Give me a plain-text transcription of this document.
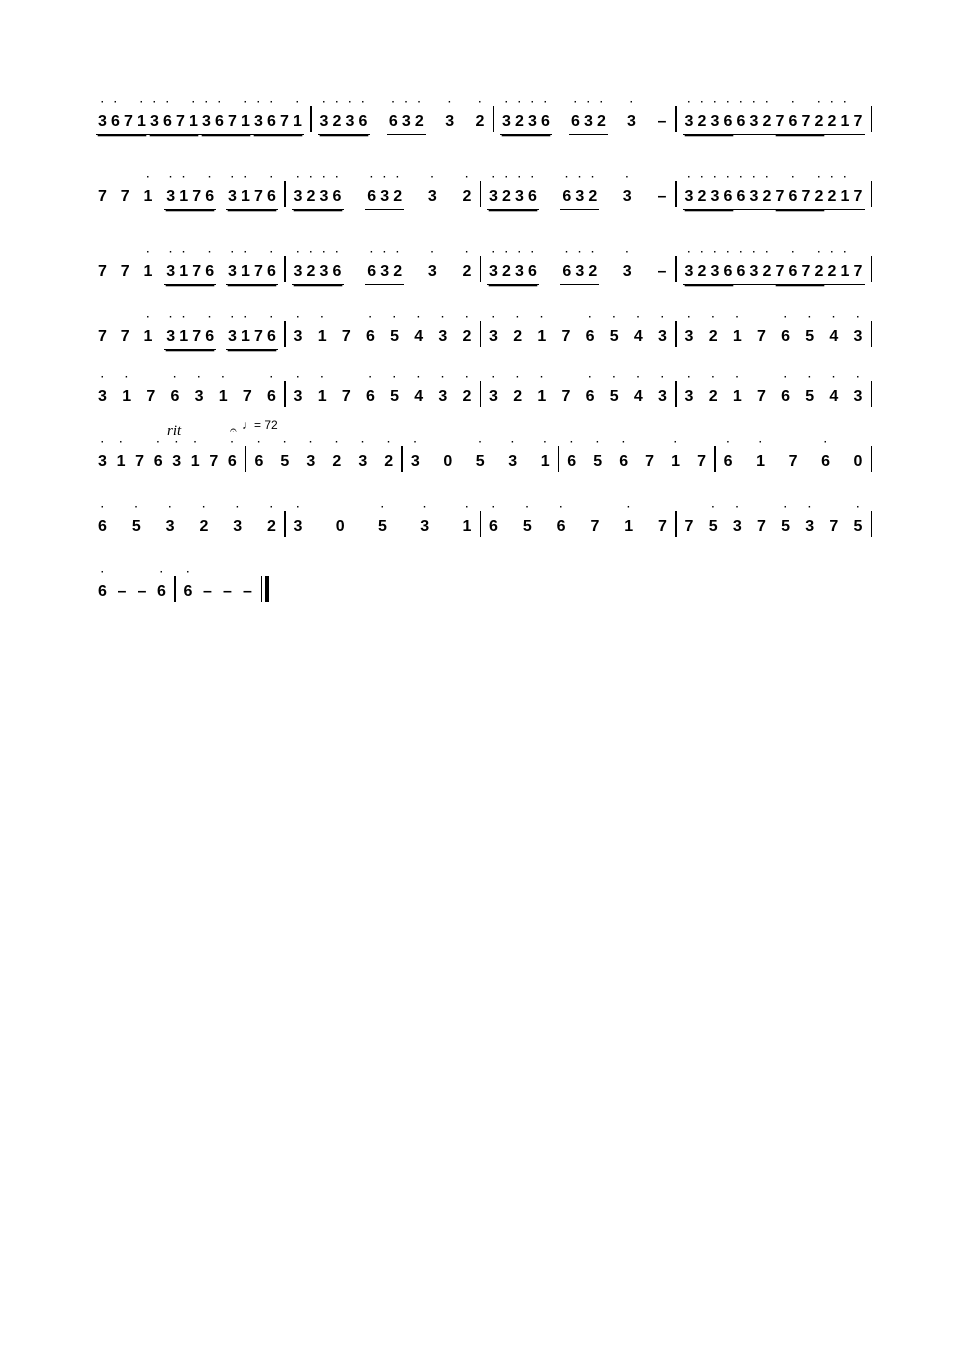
rit	𝄐 ♩= 72
3
·
6
·
7 1
·
3
·
6
·
7 1
·
3
·
6
·
7 1
·
3
·
6
·
7 1
·
3
·
2
·
3
·
6
·
6
·
3
·
2
·
3
·
2
·
3
·
2
·
3
·
6
·
6
·
3
·
2
·
3
·
– 3
·
2
·
3
·
6
·
6
·
3
·
2
·
7 6
·
7 2
·
2
·
1
·
7
7 7 1
·
3
·
1
·
7 6
·
3
·
1
·
7 6
·
3
·
2
·
3
·
6
·
6
·
3
·
2
·
3
·
2
·
3
·
2
·
3
·
6
·
6
·
3
·
2
·
3
·
– 3
·
2
·
3
·
6
·
6
·
3
·
2
·
7 6
·
7 2
·
2
·
1
·
7
7 7 1
·
3
·
1
·
7 6
·
3
·
1
·
7 6
·
3
·
2
·
3
·
6
·
6
·
3
·
2
·
3
·
2
·
3
·
2
·
3
·
6
·
6
·
3
·
2
·
3
·
– 3
·
2
·
3
·
6
·
6
·
3
·
2
·
7 6
·
7 2
·
2
·
1
·
7
7 7 1
·
3
·
1
·
7 6
·
3
·
1
·
7 6
·
3
·
1
·
7 6
·
5
·
4
·
3
·
2
·
3
·
2
·
1
·
7 6
·
5
·
4
·
3
·
3
·
2
·
1
·
7 6
·
5
·
4
·
3
·
3
·
1
·
7 6
·
3
·
1
·
7 6
·
3
·
1
·
7 6
·
5
·
4
·
3
·
2
·
3
·
2
·
1
·
7 6
·
5
·
4
·
3
·
3
·
2
·
1
·
7 6
·
5
·
4
·
3
·
3
·
1
·
7 6
·
3
·
1
·
7 6
·
6
·
5
·
3
·
2
·
3
·
2
·
3
·
0 5
·
3
·
1
·
6
·
5
·
6
·
7 1
·
7 6
·
1
·
7 6
·
0
6
·
5
·
3
·
2
·
3
·
2
·
3
·
0 5
·
3
·
1
·
6
·
5
·
6
·
7 1
·
7 7 5
·
3
·
7 5
·
3
·
7 5
·
6
·
– – 6
·
6
·
– – –
